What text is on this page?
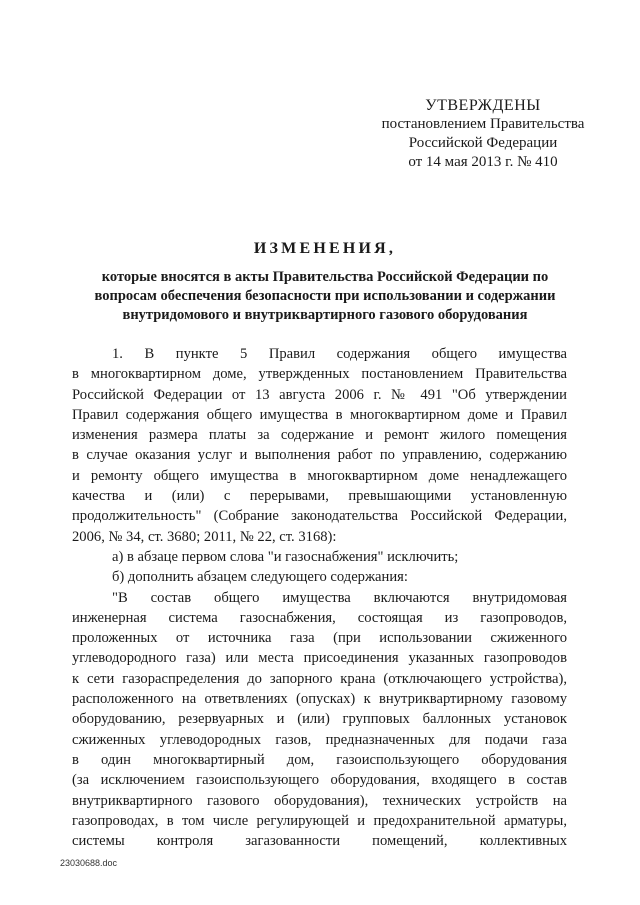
УТВЕРЖДЕНЫ
постановлением Правительства
Российской Федерации
от 14 мая 2013 г. № 410
ИЗМЕНЕНИЯ,
которые вносятся в акты Правительства Российской Федерации по
вопросам обеспечения безопасности при использовании и содержании
внутридомового и внутриквартирного газового оборудования

1. В пункте 5 Правил содержания общего имущества

в многоквартирном доме, утвержденных постановлением Правительства

Российской Федерации от 13 августа 2006 г. № 491 "Об утверждении

Правил содержания общего имущества в многоквартирном доме и Правил

изменения размера платы за содержание и ремонт жилого помещения

в случае оказания услуг и выполнения работ по управлению, содержанию

и ремонту общего имущества в многоквартирном доме ненадлежащего

качества и (или) с перерывами, превышающими установленную

продолжительность" (Собрание законодательства Российской Федерации,

2006, № 34, ст. 3680; 2011, № 22, ст. 3168):

а) в абзаце первом слова "и газоснабжения" исключить;

б) дополнить абзацем следующего содержания:

"В состав общего имущества включаются внутридомовая

инженерная система газоснабжения, состоящая из газопроводов,

проложенных от источника газа (при использовании сжиженного

углеводородного газа) или места присоединения указанных газопроводов

к сети газораспределения до запорного крана (отключающего устройства),

расположенного на ответвлениях (опусках) к внутриквартирному газовому

оборудованию, резервуарных и (или) групповых баллонных установок

сжиженных углеводородных газов, предназначенных для подачи газа

в один многоквартирный дом, газоиспользующего оборудования

(за исключением газоиспользующего оборудования, входящего в состав

внутриквартирного газового оборудования), технических устройств на

газопроводах, в том числе регулирующей и предохранительной арматуры,

системы контроля загазованности помещений, коллективных

23030688.doc
